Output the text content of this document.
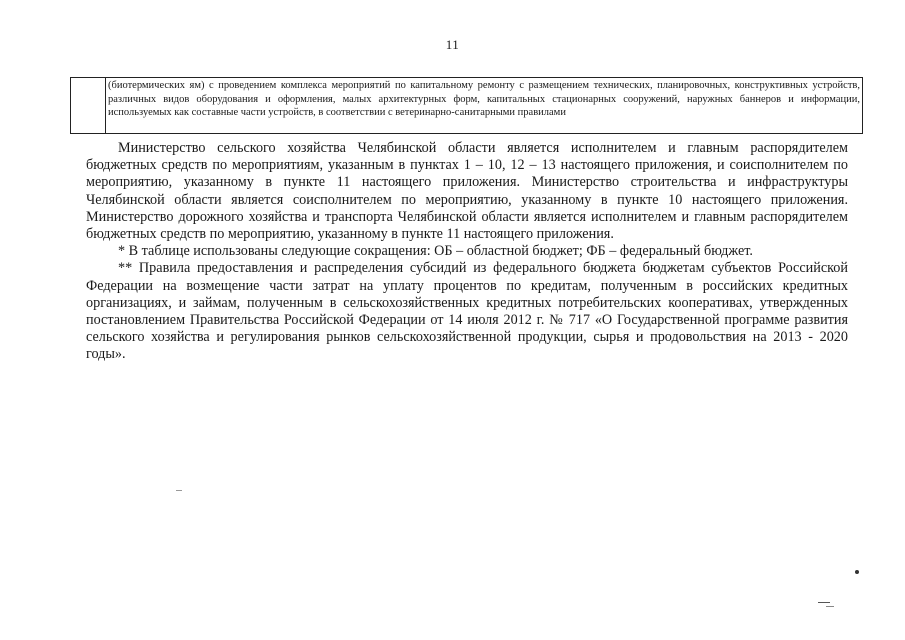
11
(биотермических ям) с проведением комплекса мероприятий по капитальному ремонту с размещением технических, планировочных, конструктивных устройств, различных видов оборудования и оформления, малых архитектурных форм, капитальных стационарных сооружений, наружных баннеров и информации, используемых как составные части устройств, в соответствии с ветеринарно-санитарными правилами

Министерство сельского хозяйства Челябинской области является исполнителем и главным распорядителем бюджетных средств по мероприятиям, указанным в пунктах 1 – 10, 12 – 13 настоящего приложения, и соисполнителем по мероприятию, указанному в пункте 11 настоящего приложения. Министерство строительства и инфраструктуры Челябинской области является соисполнителем по мероприятию, указанному в пункте 10 настоящего приложения. Министерство дорожного хозяйства и транспорта Челябинской области является исполнителем и главным распорядителем бюджетных средств по мероприятию, указанному в пункте 11 настоящего приложения.

* В таблице использованы следующие сокращения: ОБ – областной бюджет; ФБ – федеральный бюджет.

** Правила предоставления и распределения субсидий из федерального бюджета бюджетам субъектов Российской Федерации на возмещение части затрат на уплату процентов по кредитам, полученным в российских кредитных организациях, и займам, полученным в сельскохозяйственных кредитных потребительских кооперативах, утвержденных постановлением Правительства Российской Федерации от 14 июля 2012 г. № 717 «О Государственной программе развития сельского хозяйства и регулирования рынков сельскохозяйственной продукции, сырья и продовольствия на 2013 - 2020 годы».
